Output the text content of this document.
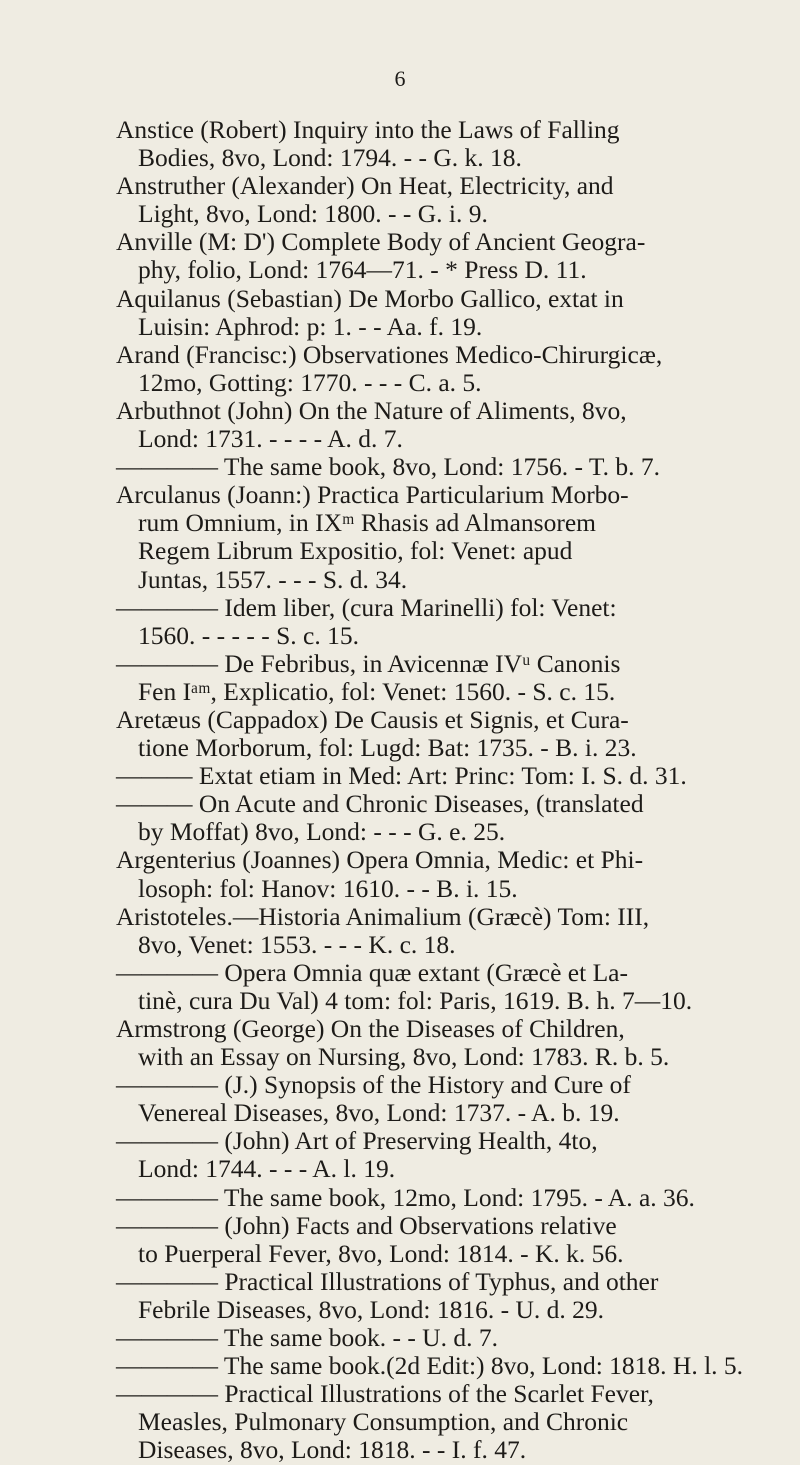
6
Anstice (Robert) Inquiry into the Laws of Falling
Bodies, 8vo, Lond: 1794. - - G. k. 18.
Anstruther (Alexander) On Heat, Electricity, and
Light, 8vo, Lond: 1800. - - G. i. 9.
Anville (M: D') Complete Body of Ancient Geogra-
phy, folio, Lond: 1764—71. - * Press D. 11.
Aquilanus (Sebastian) De Morbo Gallico, extat in
Luisin: Aphrod: p: 1. - - Aa. f. 19.
Arand (Francisc:) Observationes Medico-Chirurgicæ,
12mo, Gotting: 1770. - - - C. a. 5.
Arbuthnot (John) On the Nature of Aliments, 8vo,
Lond: 1731. - - - - A. d. 7.
———— The same book, 8vo, Lond: 1756. - T. b. 7.
Arculanus (Joann:) Practica Particularium Morbo-
rum Omnium, in IXᵐ Rhasis ad Almansorem
Regem Librum Expositio, fol: Venet: apud
Juntas, 1557. - - - S. d. 34.
———— Idem liber, (cura Marinelli) fol: Venet:
1560. - - - - - S. c. 15.
———— De Febribus, in Avicennæ IVᵘ Canonis
Fen Iᵃᵐ, Explicatio, fol: Venet: 1560. - S. c. 15.
Aretæus (Cappadox) De Causis et Signis, et Cura-
tione Morborum, fol: Lugd: Bat: 1735. - B. i. 23.
——— Extat etiam in Med: Art: Princ: Tom: I. S. d. 31.
——— On Acute and Chronic Diseases, (translated
by Moffat) 8vo, Lond: - - - G. e. 25.
Argenterius (Joannes) Opera Omnia, Medic: et Phi-
losoph: fol: Hanov: 1610. - - B. i. 15.
Aristoteles.—Historia Animalium (Græcè) Tom: III,
8vo, Venet: 1553. - - - K. c. 18.
———— Opera Omnia quæ extant (Græcè et La-
tinè, cura Du Val) 4 tom: fol: Paris, 1619. B. h. 7—10.
Armstrong (George) On the Diseases of Children,
with an Essay on Nursing, 8vo, Lond: 1783. R. b. 5.
———— (J.) Synopsis of the History and Cure of
Venereal Diseases, 8vo, Lond: 1737. - A. b. 19.
———— (John) Art of Preserving Health, 4to,
Lond: 1744. - - - A. l. 19.
———— The same book, 12mo, Lond: 1795. - A. a. 36.
———— (John) Facts and Observations relative
to Puerperal Fever, 8vo, Lond: 1814. - K. k. 56.
———— Practical Illustrations of Typhus, and other
Febrile Diseases, 8vo, Lond: 1816. - U. d. 29.
———— The same book. - - U. d. 7.
———— The same book.(2d Edit:) 8vo, Lond: 1818. H. l. 5.
———— Practical Illustrations of the Scarlet Fever,
Measles, Pulmonary Consumption, and Chronic
Diseases, 8vo, Lond: 1818. - - I. f. 47.
